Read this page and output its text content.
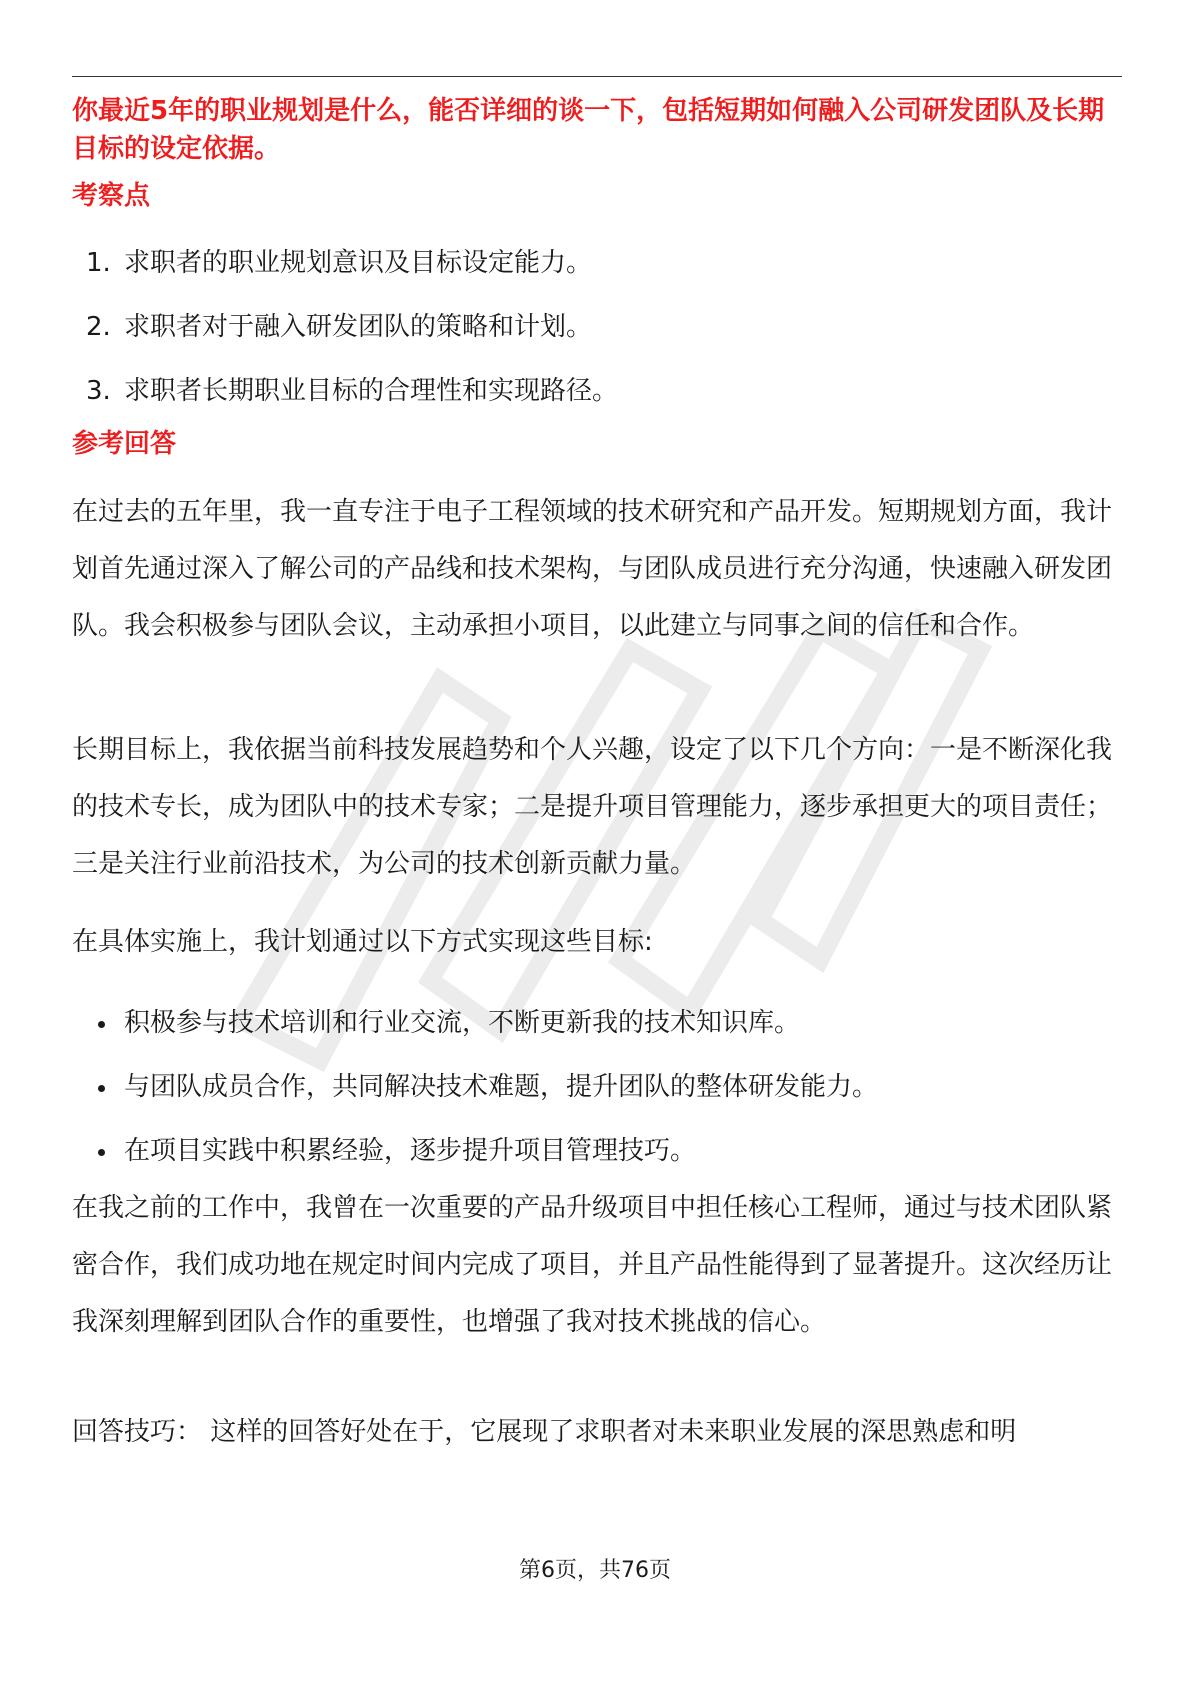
你最近5年的职业规划是什么，能否详细的谈一下，包括短期如何融入公司研发团队及长期目标的设定依据。

考察点
1. 求职者的职业规划意识及目标设定能力。
2. 求职者对于融入研发团队的策略和计划。
3. 求职者长期职业目标的合理性和实现路径。
参考回答

在过去的五年里，我一直专注于电子工程领域的技术研究和产品开发。短期规划方面，我计划首先通过深入了解公司的产品线和技术架构，与团队成员进行充分沟通，快速融入研发团队。我会积极参与团队会议，主动承担小项目，以此建立与同事之间的信任和合作。

长期目标上，我依据当前科技发展趋势和个人兴趣，设定了以下几个方向：一是不断深化我的技术专长，成为团队中的技术专家；二是提升项目管理能力，逐步承担更大的项目责任；三是关注行业前沿技术，为公司的技术创新贡献力量。

在具体实施上，我计划通过以下方式实现这些目标:

积极参与技术培训和行业交流，不断更新我的技术知识库。
与团队成员合作，共同解决技术难题，提升团队的整体研发能力。
在项目实践中积累经验，逐步提升项目管理技巧。

在我之前的工作中，我曾在一次重要的产品升级项目中担任核心工程师，通过与技术团队紧密合作，我们成功地在规定时间内完成了项目，并且产品性能得到了显著提升。这次经历让我深刻理解到团队合作的重要性，也增强了我对技术挑战的信心。

回答技巧： 这样的回答好处在于，它展现了求职者对未来职业发展的深思熟虑和明

第6页，共76页
